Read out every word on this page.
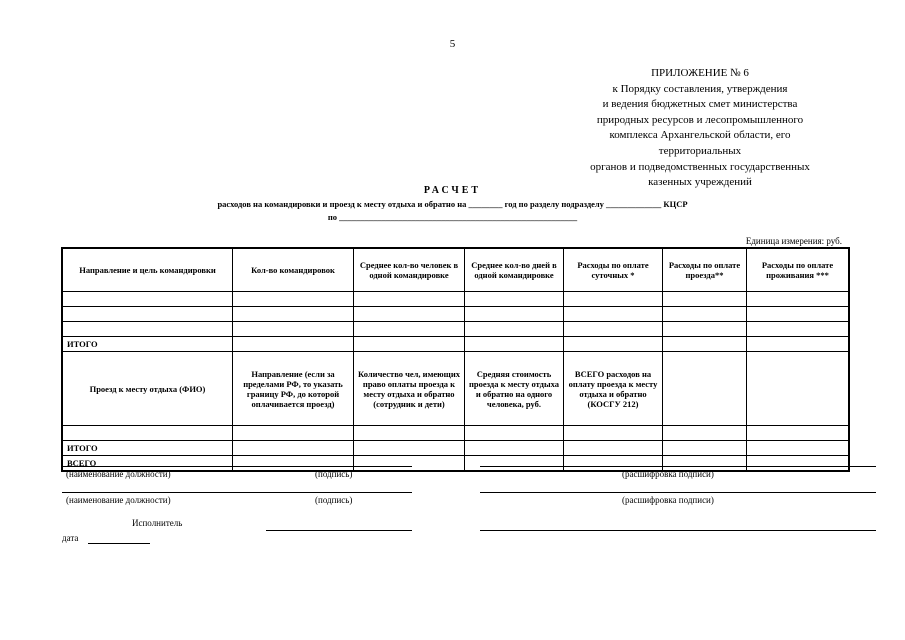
5
ПРИЛОЖЕНИЕ № 6
к Порядку составления, утверждения
и ведения бюджетных смет министерства
природных ресурсов и лесопромышленного
комплекса Архангельской области, его
территориальных
органов и подведомственных государственных
казенных учреждений
РАСЧЕТ
расходов на командировки и проезд к месту отдыха и обратно на ________ год по разделу подразделу _____________ КЦСР
по ________________________________________________________
Единица измерения: руб.
Направление и цель командировки	Кол-во командировок	Среднее кол-во человек в одной командировке	Среднее кол-во дней в одной командировке	Расходы по оплате суточных *	Расходы по оплате проезда**	Расходы по оплате проживания ***

ИТОГО						
Проезд к месту отдыха (ФИО)	Направление (если за пределами РФ, то указать границу РФ, до которой оплачивается проезд)	Количество чел, имеющих право оплаты проезда к месту отдыха и обратно (сотрудник и дети)	Средняя стоимость проезда к месту отдыха и обратно на одного человека, руб.	ВСЕГО расходов на оплату проезда к месту отдыха и обратно (КОСГУ 212)		

ИТОГО						
ВСЕГО						
(наименование должности)	(подпись)	(расшифровка подписи)
(наименование должности)	(подпись)	(расшифровка подписи)
Исполнитель
дата
